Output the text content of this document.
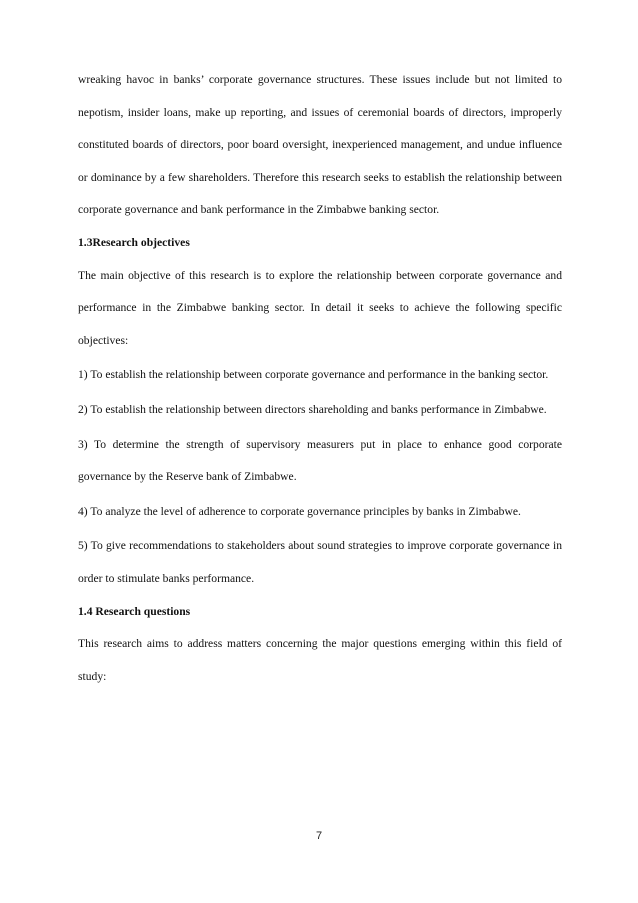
wreaking havoc in banks’ corporate governance structures. These issues include but not limited to nepotism, insider loans, make up reporting, and issues of ceremonial boards of directors, improperly constituted boards of directors, poor board oversight, inexperienced management, and undue influence or dominance by a few shareholders. Therefore this research seeks to establish the relationship between corporate governance and bank performance in the Zimbabwe banking sector.

1.3Research objectives

The main objective of this research is to explore the relationship between corporate governance and performance in the Zimbabwe banking sector. In detail it seeks to achieve the following specific objectives:

1) To establish the relationship between corporate governance and performance in the banking sector.

2) To establish the relationship between directors shareholding and banks performance in Zimbabwe.

3) To determine the strength of supervisory measurers put in place to enhance good corporate governance by the Reserve bank of Zimbabwe.

4) To analyze the level of adherence to corporate governance principles by banks in Zimbabwe.

5) To give recommendations to stakeholders about sound strategies to improve corporate governance in order to stimulate banks performance.

1.4 Research questions

This research aims to address matters concerning the major questions emerging within this field of study:

7
